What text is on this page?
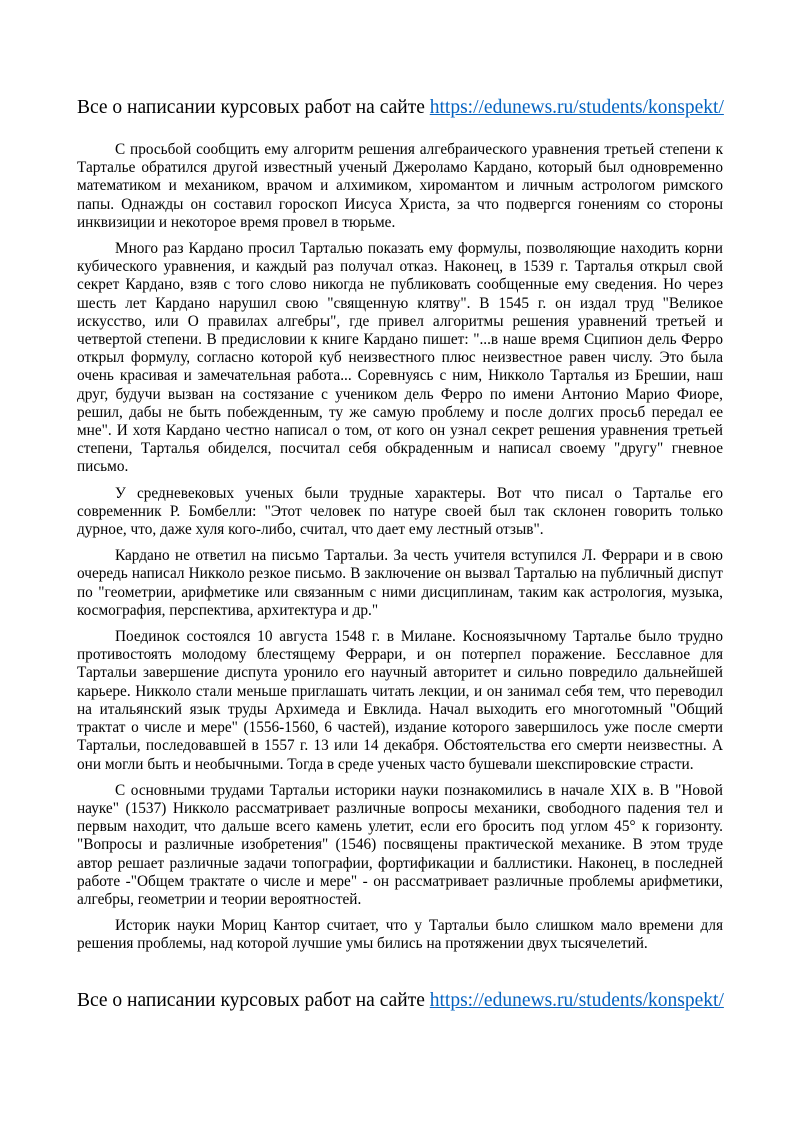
Все о написании курсовых работ на сайте https://edunews.ru/students/konspekt/

С просьбой сообщить ему алгоритм решения алгебраического уравнения третьей степени к Тарталье обратился другой известный ученый Джероламо Кардано, который был одновременно математиком и механиком, врачом и алхимиком, хиромантом и личным астрологом римского папы. Однажды он составил гороскоп Иисуса Христа, за что подвергся гонениям со стороны инквизиции и некоторое время провел в тюрьме.

Много раз Кардано просил Тарталью показать ему формулы, позволяющие находить корни кубического уравнения, и каждый раз получал отказ. Наконец, в 1539 г. Тарталья открыл свой секрет Кардано, взяв с того слово никогда не публиковать сообщенные ему сведения. Но через шесть лет Кардано нарушил свою "священную клятву". В 1545 г. он издал труд "Великое искусство, или О правилах алгебры", где привел алгоритмы решения уравнений третьей и четвертой степени. В предисловии к книге Кардано пишет: "...в наше время Сципион дель Ферро открыл формулу, согласно которой куб неизвестного плюс неизвестное равен числу. Это была очень красивая и замечательная работа... Соревнуясь с ним, Никколо Тарталья из Брешии, наш друг, будучи вызван на состязание с учеником дель Ферро по имени Антонио Марио Фиоре, решил, дабы не быть побежденным, ту же самую проблему и после долгих просьб передал ее мне". И хотя Кардано честно написал о том, от кого он узнал секрет решения уравнения третьей степени, Тарталья обиделся, посчитал себя обкраденным и написал своему "другу" гневное письмо.

У средневековых ученых были трудные характеры. Вот что писал о Тарталье его современник Р. Бомбелли: "Этот человек по натуре своей был так склонен говорить только дурное, что, даже хуля кого-либо, считал, что дает ему лестный отзыв".

Кардано не ответил на письмо Тартальи. За честь учителя вступился Л. Феррари и в свою очередь написал Никколо резкое письмо. В заключение он вызвал Тарталью на публичный диспут по "геометрии, арифметике или связанным с ними дисциплинам, таким как астрология, музыка, космография, перспектива, архитектура и др."

Поединок состоялся 10 августа 1548 г. в Милане. Косноязычному Тарталье было трудно противостоять молодому блестящему Феррари, и он потерпел поражение. Бесславное для Тартальи завершение диспута уронило его научный авторитет и сильно повредило дальнейшей карьере. Никколо стали меньше приглашать читать лекции, и он занимал себя тем, что переводил на итальянский язык труды Архимеда и Евклида. Начал выходить его многотомный "Общий трактат о числе и мере" (1556-1560, 6 частей), издание которого завершилось уже после смерти Тартальи, последовавшей в 1557 г. 13 или 14 декабря. Обстоятельства его смерти неизвестны. А они могли быть и необычными. Тогда в среде ученых часто бушевали шекспировские страсти.

С основными трудами Тартальи историки науки познакомились в начале XIX в. В "Новой науке" (1537) Никколо рассматривает различные вопросы механики, свободного падения тел и первым находит, что дальше всего камень улетит, если его бросить под углом 45° к горизонту. "Вопросы и различные изобретения" (1546) посвящены практической механике. В этом труде автор решает различные задачи топографии, фортификации и баллистики. Наконец, в последней работе -"Общем трактате о числе и мере" - он рассматривает различные проблемы арифметики, алгебры, геометрии и теории вероятностей.

Историк науки Мориц Кантор считает, что у Тартальи было слишком мало времени для решения проблемы, над которой лучшие умы бились на протяжении двух тысячелетий.

Все о написании курсовых работ на сайте https://edunews.ru/students/konspekt/
